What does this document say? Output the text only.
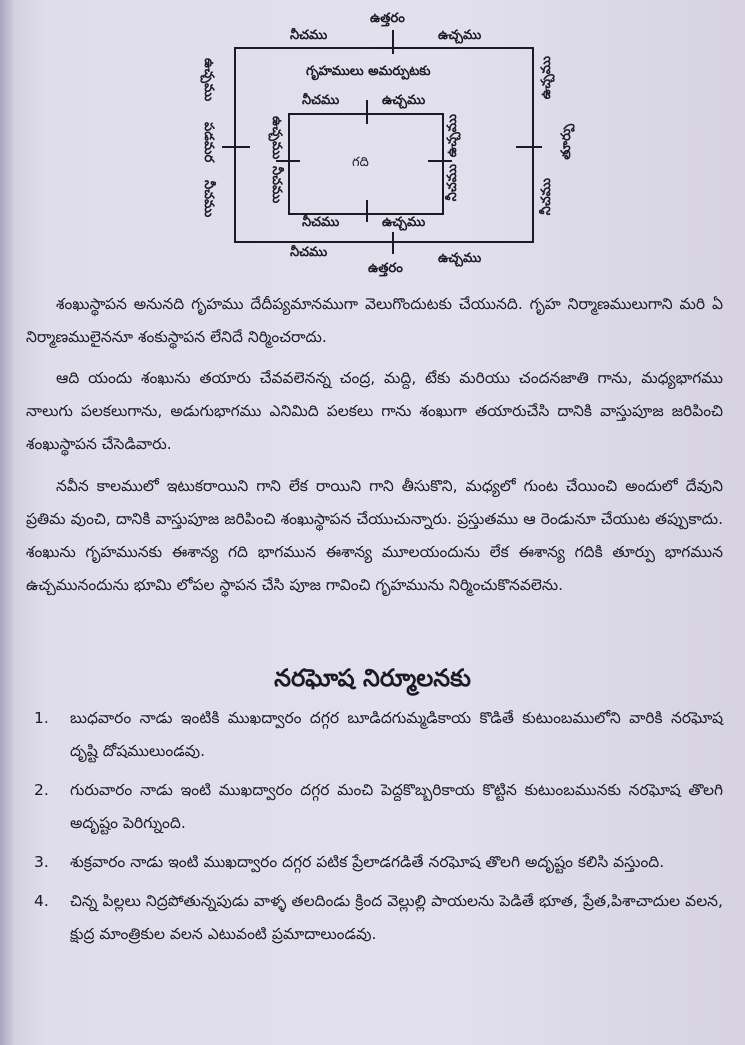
నీచము
ఉత్తరం
ఉచ్చము
నీచము
ఉత్తరం
ఉచ్చము
ఉచ్చము
పడమర
నీచము
ఉచ్చము
తూర్పు
నీచము
గృహములు అమర్పుటకు
నీచము	ఉచ్చము
నీచము	ఉచ్చము
ఉచ్చము
నీచము
ఉచ్చము
నీచము
గది

శంఖుస్థాపన అనునది గృహము దేదీప్యమానముగా వెలుగొందుటకు చేయునది. గృహ నిర్మాణములుగాని మరి ఏ నిర్మాణములైననూ శంకుస్థాపన లేనిదే నిర్మించరాదు.

ఆది యందు శంఖును తయారు చేవవలెనన్న చంద్ర, మద్ది, టేకు మరియు చందనజాతి గాను, మధ్యభాగము నాలుగు పలకలుగాను, అడుగుభాగము ఎనిమిది పలకలు గాను శంఖుగా తయారుచేసి దానికి వాస్తుపూజ జరిపించి శంఖుస్థాపన చేసెడివారు.

నవీన కాలములో ఇటుకరాయిని గాని లేక రాయిని గాని తీసుకొని, మధ్యలో గుంట చేయించి అందులో దేవుని ప్రతిమ వుంచి, దానికి వాస్తుపూజ జరిపించి శంఖుస్థాపన చేయుచున్నారు. ప్రస్తుతము ఆ రెండునూ చేయుట తప్పుకాదు. శంఖును గృహమునకు ఈశాన్య గది భాగమున ఈశాన్య మూలయందును లేక ఈశాన్య గదికి తూర్పు భాగమున ఉచ్చమునందును భూమి లోపల స్థాపన చేసి పూజ గావించి గృహమును నిర్మించుకొనవలెను.

నరఘోష నిర్మూలనకు
1. బుధవారం నాడు ఇంటికి ముఖద్వారం దగ్గర బూడిదగుమ్మడికాయ కొడితే కుటుంబములోని వారికి నరఘోష దృష్టి దోషములుండవు.
2. గురువారం నాడు ఇంటి ముఖద్వారం దగ్గర మంచి పెద్దకొబ్బరికాయ కొట్టిన కుటుంబమునకు నరఘోష తొలగి అదృష్టం పెరిగ్నుంది.
3. శుక్రవారం నాడు ఇంటి ముఖద్వారం దగ్గర పటిక ప్రేలాడగడితే నరఘోష తొలగి అదృష్టం కలిసి వస్తుంది.
4. చిన్న పిల్లలు నిద్రపోతున్నపుడు వాళ్ళ తలదిండు క్రింద వెల్లుల్లి పాయలను పెడితే భూత, ప్రేత,పిశాచాదుల వలన, క్షుద్ర మాంత్రికుల వలన ఎటువంటి ప్రమాదాలుండవు.
